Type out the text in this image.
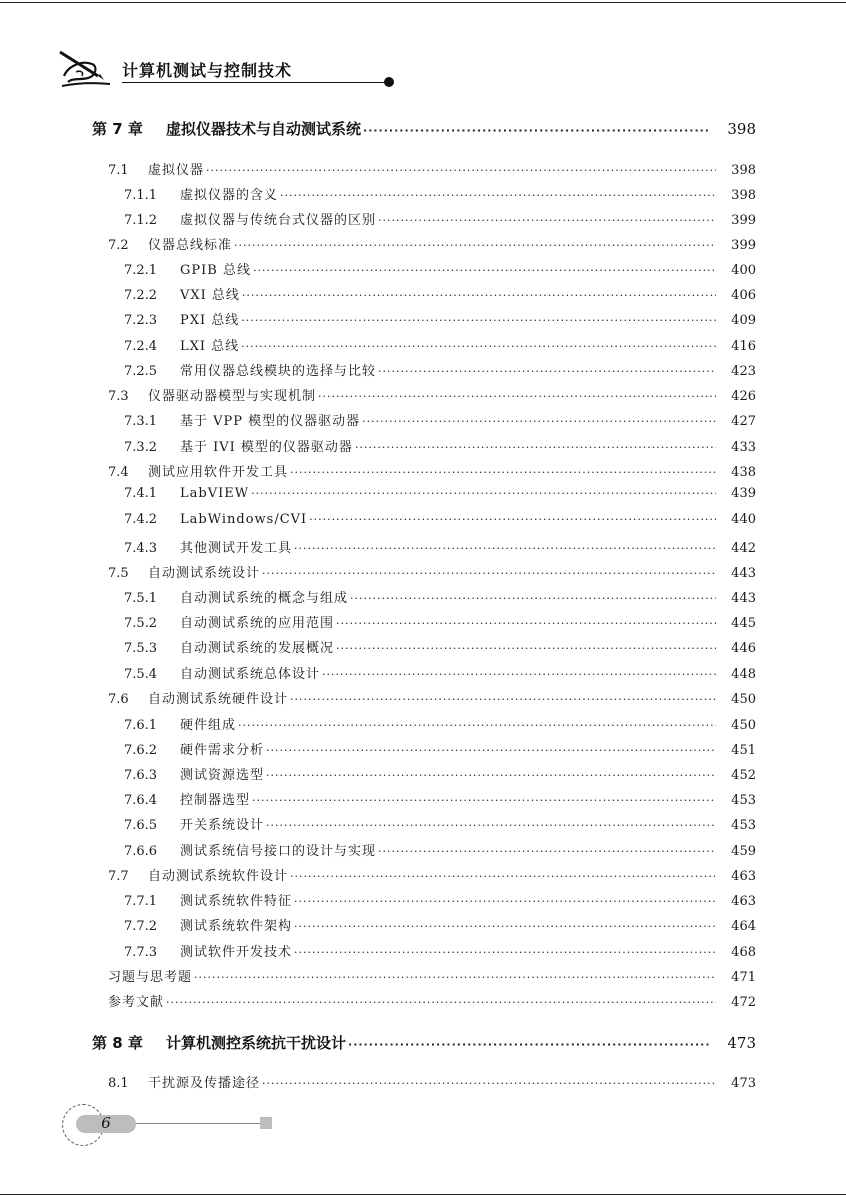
计算机测试与控制技术
第 7 章	虚拟仪器技术与自动测试系统 ·····	398
7.1	虚拟仪器 ·····	398
7.1.1	虚拟仪器的含义 ·····	398
7.1.2	虚拟仪器与传统台式仪器的区别 ·····	399
7.2	仪器总线标准 ·····	399
7.2.1	GPIB 总线 ·····	400
7.2.2	VXI 总线 ·····	406
7.2.3	PXI 总线 ·····	409
7.2.4	LXI 总线 ·····	416
7.2.5	常用仪器总线模块的选择与比较 ·····	423
7.3	仪器驱动器模型与实现机制 ·····	426
7.3.1	基于 VPP 模型的仪器驱动器 ·····	427
7.3.2	基于 IVI 模型的仪器驱动器 ·····	433
7.4	测试应用软件开发工具 ·····	438
7.4.1	LabVIEW ·····	439
7.4.2	LabWindows/CVI ·····	440
7.4.3	其他测试开发工具 ·····	442
7.5	自动测试系统设计 ·····	443
7.5.1	自动测试系统的概念与组成 ·····	443
7.5.2	自动测试系统的应用范围 ·····	445
7.5.3	自动测试系统的发展概况 ·····	446
7.5.4	自动测试系统总体设计 ·····	448
7.6	自动测试系统硬件设计 ·····	450
7.6.1	硬件组成 ·····	450
7.6.2	硬件需求分析 ·····	451
7.6.3	测试资源选型 ·····	452
7.6.4	控制器选型 ·····	453
7.6.5	开关系统设计 ·····	453
7.6.6	测试系统信号接口的设计与实现 ·····	459
7.7	自动测试系统软件设计 ·····	463
7.7.1	测试系统软件特征 ·····	463
7.7.2	测试系统软件架构 ·····	464
7.7.3	测试软件开发技术 ·····	468
习题与思考题 ·····	471
参考文献 ·····	472
第 8 章	计算机测控系统抗干扰设计 ·····	473
8.1	干扰源及传播途径 ·····	473
6
